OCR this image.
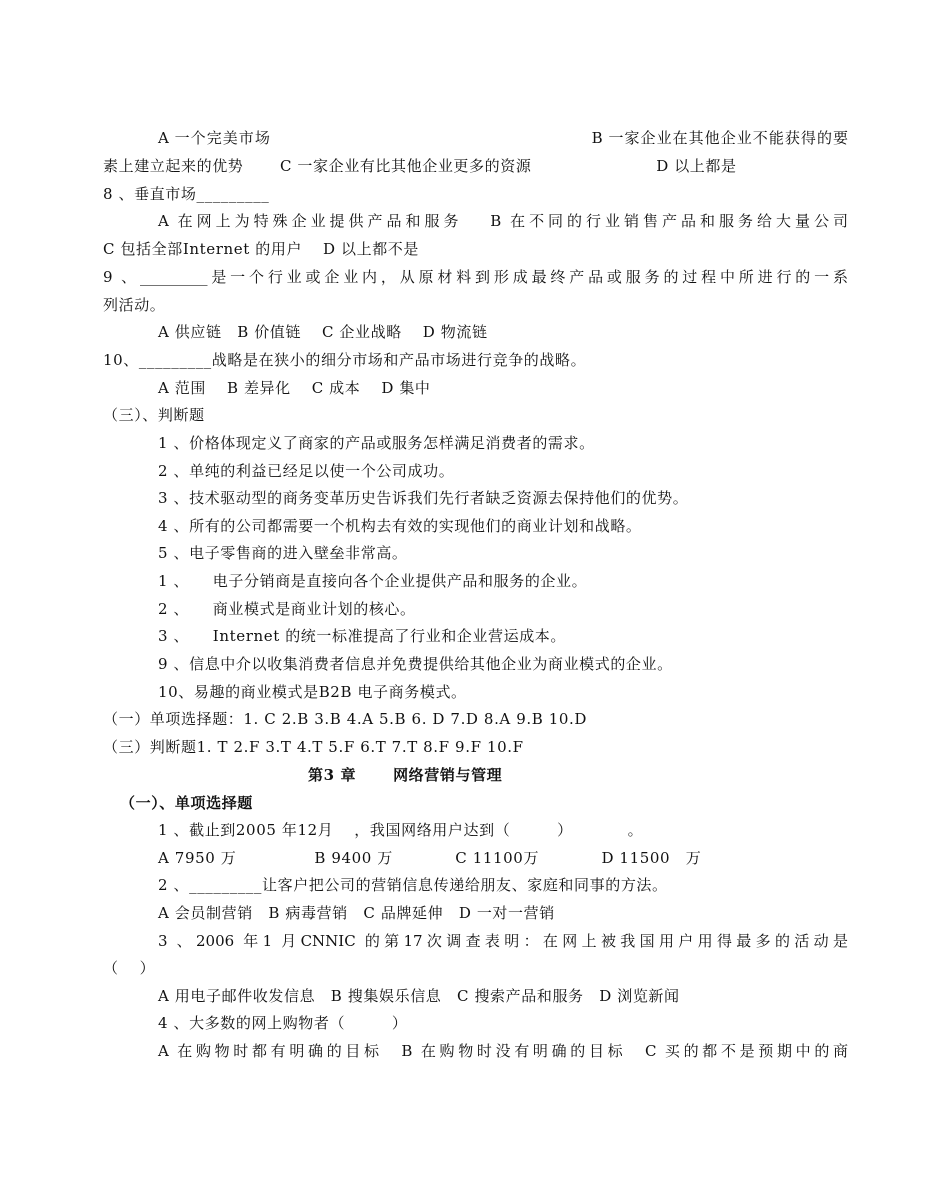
A 一个完美市场　　　　　　　　　　　　　　　　　　　　B 一家企业在其他企业不能获得的要
素上建立起来的优势　　 C 一家企业有比其他企业更多的资源　　　　　　　　D 以上都是
8 、垂直市场_________
A 在网上为特殊企业提供产品和服务　 B 在不同的行业销售产品和服务给大量公司
C 包括全部Internet 的用户　 D 以上都不是
9 、_________是一个行业或企业内，从原材料到形成最终产品或服务的过程中所进行的一系
列活动。
A 供应链　B 价值链　 C 企业战略　 D 物流链
10、_________战略是在狭小的细分市场和产品市场进行竞争的战略。
A 范围　 B 差异化　 C 成本　 D 集中
（三）、判断题
1 、价格体现定义了商家的产品或服务怎样满足消费者的需求。
2 、单纯的利益已经足以使一个公司成功。
3 、技术驱动型的商务变革历史告诉我们先行者缺乏资源去保持他们的优势。
4 、所有的公司都需要一个机构去有效的实现他们的商业计划和战略。
5 、电子零售商的进入壁垒非常高。
1 、　　电子分销商是直接向各个企业提供产品和服务的企业。
2 、　　商业模式是商业计划的核心。
3 、　　Internet 的统一标准提高了行业和企业营运成本。
9 、信息中介以收集消费者信息并免费提供给其他企业为商业模式的企业。
10、易趣的商业模式是B2B 电子商务模式。
（一）单项选择题：1. C 2.B 3.B 4.A 5.B 6. D 7.D 8.A 9.B 10.D
（三）判断题1. T 2.F 3.T 4.T 5.F 6.T 7.T 8.F 9.F 10.F
第3 章　　 网络营销与管理
（一）、单项选择题
1 、截止到2005 年12月　 ，我国网络用户达到（　　　）　　　　。
A 7950 万　　　　　B 9400 万　　　　C 11100万　　　　D 11500　万
2 、_________让客户把公司的营销信息传递给朋友、家庭和同事的方法。
A 会员制营销　B 病毒营销　C 品牌延伸　D 一对一营销
3 、2006 年1 月CNNIC 的第17次调查表明：在网上被我国用户用得最多的活动是
（　 ）
A 用电子邮件收发信息　B 搜集娱乐信息　C 搜索产品和服务　D 浏览新闻
4 、大多数的网上购物者（　　　）
A 在购物时都有明确的目标　B 在购物时没有明确的目标　C 买的都不是预期中的商
